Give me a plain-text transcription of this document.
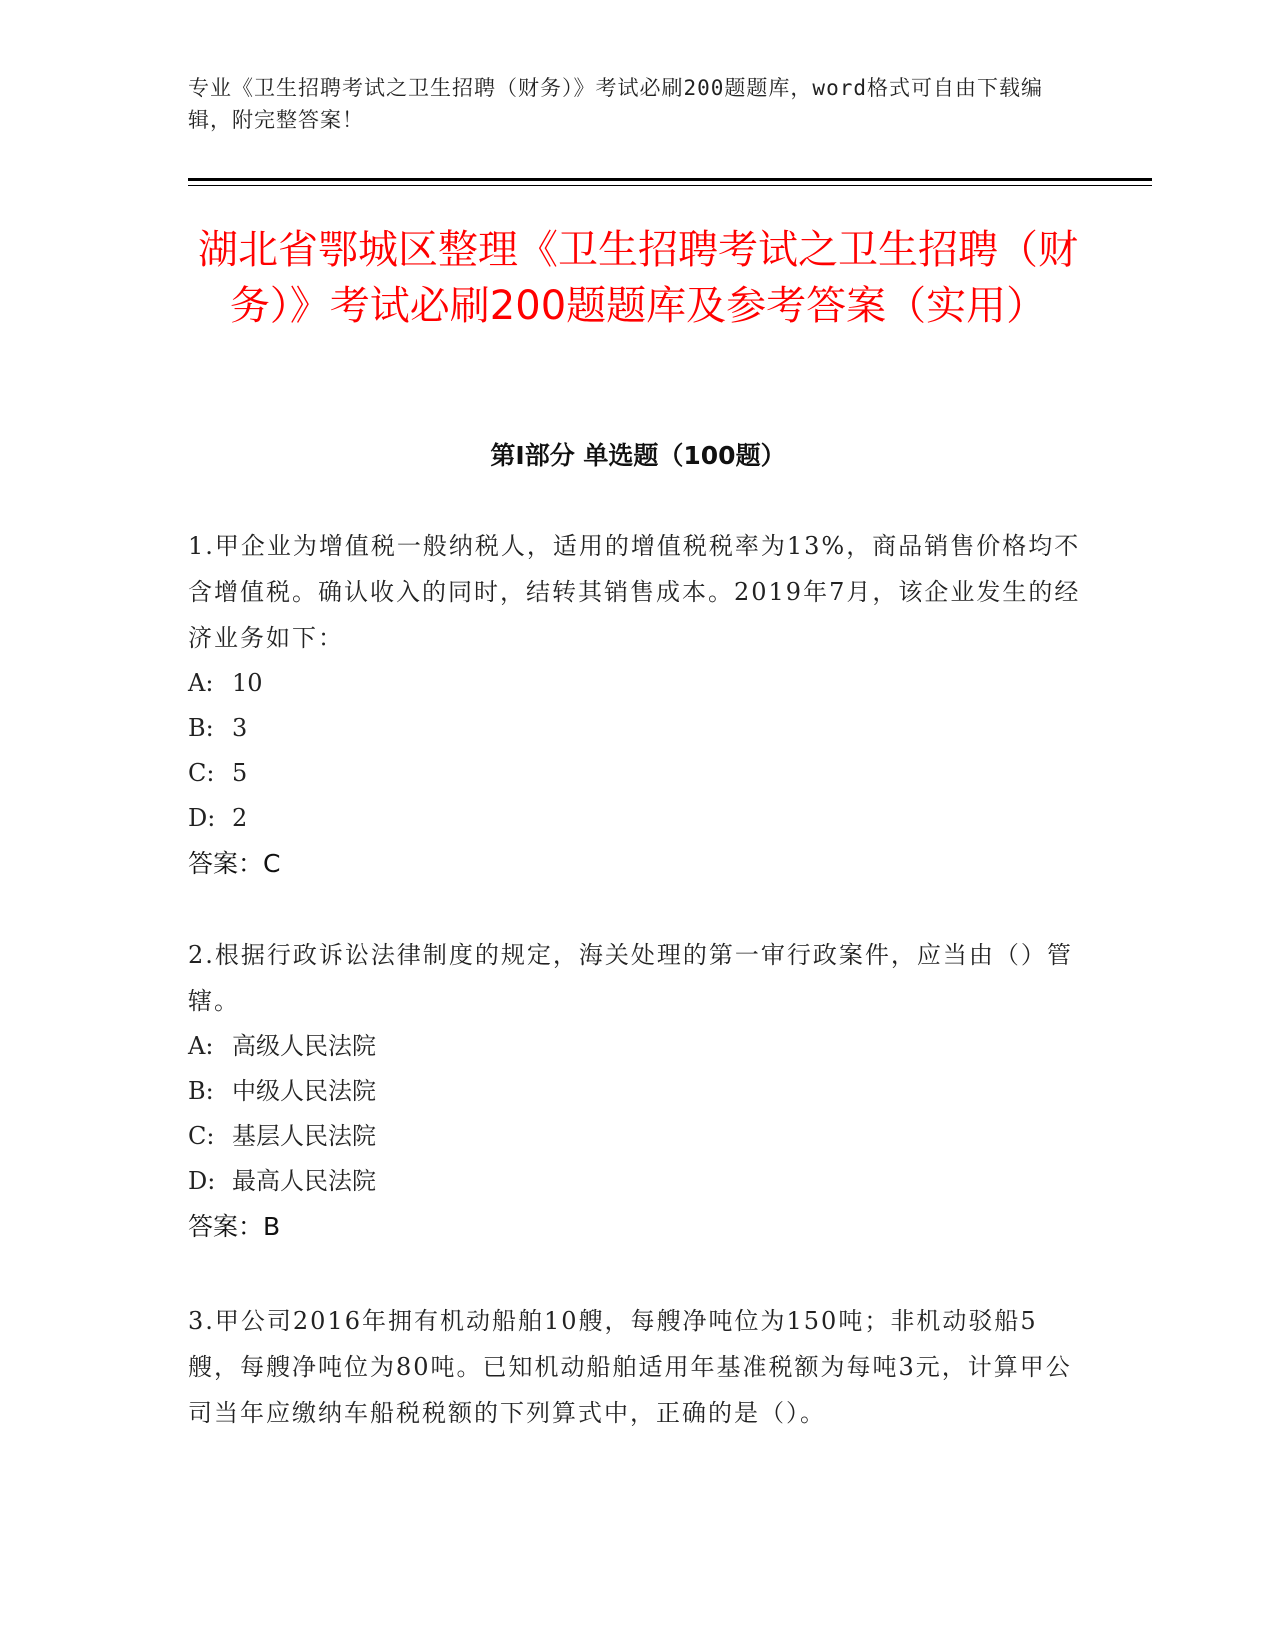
专业《卫生招聘考试之卫生招聘（财务）》考试必刷200题题库，word格式可自由下载编辑，附完整答案！
湖北省鄂城区整理《卫生招聘考试之卫生招聘（财务）》考试必刷200题题库及参考答案（实用）
第Ⅰ部分 单选题（100题）
1.甲企业为增值税一般纳税人，适用的增值税税率为13%，商品销售价格均不含增值税。确认收入的同时，结转其销售成本。2019年7月，该企业发生的经济业务如下：
A: 10
B: 3
C: 5
D: 2
答案：C
2.根据行政诉讼法律制度的规定，海关处理的第一审行政案件，应当由（）管辖。
A: 高级人民法院
B: 中级人民法院
C: 基层人民法院
D: 最高人民法院
答案：B
3.甲公司2016年拥有机动船舶10艘，每艘净吨位为150吨；非机动驳船5艘，每艘净吨位为80吨。已知机动船舶适用年基准税额为每吨3元，计算甲公司当年应缴纳车船税税额的下列算式中，正确的是（）。
